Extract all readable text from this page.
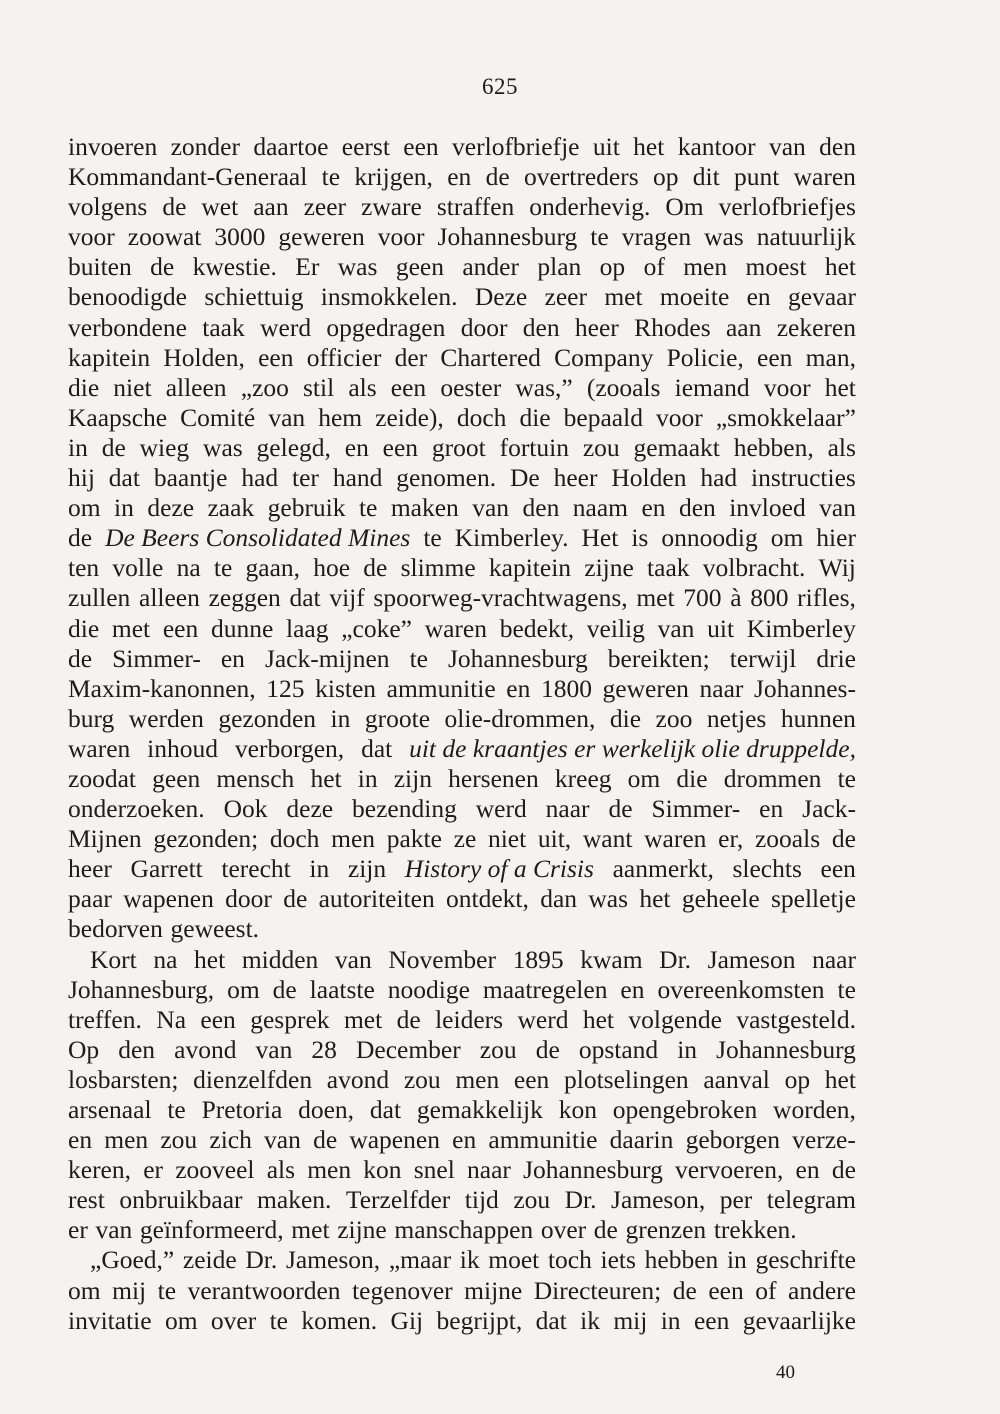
625
invoeren zonder daartoe eerst een verlofbriefje uit het kantoor van den
Kommandant-Generaal te krijgen, en de overtreders op dit punt waren
volgens de wet aan zeer zware straffen onderhevig. Om verlofbriefjes
voor zoowat 3000 geweren voor Johannesburg te vragen was natuurlijk
buiten de kwestie. Er was geen ander plan op of men moest het
benoodigde schiettuig insmokkelen. Deze zeer met moeite en gevaar
verbondene taak werd opgedragen door den heer Rhodes aan zekeren
kapitein Holden, een officier der Chartered Company Policie, een man,
die niet alleen „zoo stil als een oester was,” (zooals iemand voor het
Kaapsche Comité van hem zeide), doch die bepaald voor „smokkelaar”
in de wieg was gelegd, en een groot fortuin zou gemaakt hebben, als
hij dat baantje had ter hand genomen. De heer Holden had instructies
om in deze zaak gebruik te maken van den naam en den invloed van
de De Beers Consolidated Mines te Kimberley. Het is onnoodig om hier
ten volle na te gaan, hoe de slimme kapitein zijne taak volbracht. Wij
zullen alleen zeggen dat vijf spoorweg-vrachtwagens, met 700 à 800 rifles,
die met een dunne laag „coke” waren bedekt, veilig van uit Kimberley
de Simmer- en Jack-mijnen te Johannesburg bereikten; terwijl drie
Maxim-kanonnen, 125 kisten ammunitie en 1800 geweren naar Johannes-
burg werden gezonden in groote olie-drommen, die zoo netjes hunnen
waren inhoud verborgen, dat uit de kraantjes er werkelijk olie druppelde,
zoodat geen mensch het in zijn hersenen kreeg om die drommen te
onderzoeken. Ook deze bezending werd naar de Simmer- en Jack-
Mijnen gezonden; doch men pakte ze niet uit, want waren er, zooals de
heer Garrett terecht in zijn History of a Crisis aanmerkt, slechts een
paar wapenen door de autoriteiten ontdekt, dan was het geheele spelletje
bedorven geweest.
Kort na het midden van November 1895 kwam Dr. Jameson naar
Johannesburg, om de laatste noodige maatregelen en overeenkomsten te
treffen. Na een gesprek met de leiders werd het volgende vastgesteld.
Op den avond van 28 December zou de opstand in Johannesburg
losbarsten; dienzelfden avond zou men een plotselingen aanval op het
arsenaal te Pretoria doen, dat gemakkelijk kon opengebroken worden,
en men zou zich van de wapenen en ammunitie daarin geborgen verze-
keren, er zooveel als men kon snel naar Johannesburg vervoeren, en de
rest onbruikbaar maken. Terzelfder tijd zou Dr. Jameson, per telegram
er van geïnformeerd, met zijne manschappen over de grenzen trekken.
„Goed,” zeide Dr. Jameson, „maar ik moet toch iets hebben in geschrifte
om mij te verantwoorden tegenover mijne Directeuren; de een of andere
invitatie om over te komen. Gij begrijpt, dat ik mij in een gevaarlijke
40
